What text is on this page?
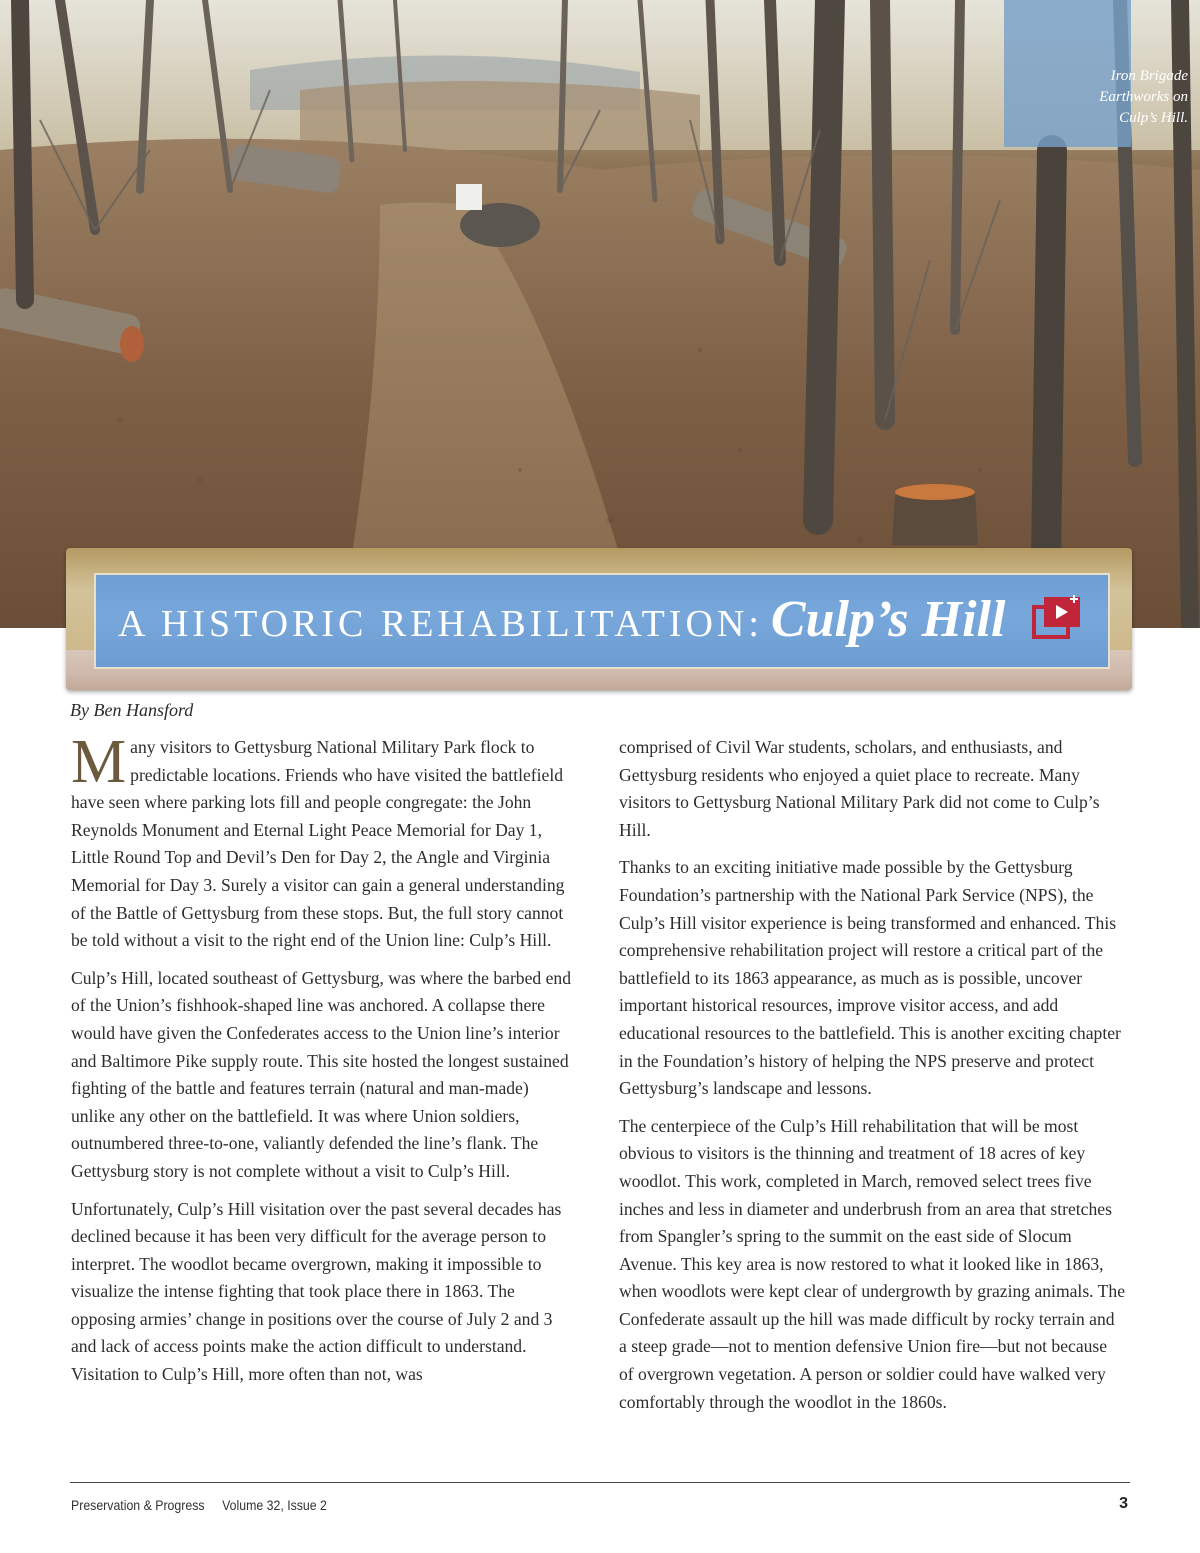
Iron Brigade
Earthworks on
Culp’s Hill.
A HISTORIC REHABILITATION: Culp’s Hill
By Ben Hansford

Many visitors to Gettysburg National Military Park flock to predictable locations. Friends who have visited the battlefield have seen where parking lots fill and people congregate: the John Reynolds Monument and Eternal Light Peace Memorial for Day 1, Little Round Top and Devil’s Den for Day 2, the Angle and Virginia Memorial for Day 3. Surely a visitor can gain a general understanding of the Battle of Gettysburg from these stops. But, the full story cannot be told without a visit to the right end of the Union line: Culp’s Hill.

Culp’s Hill, located southeast of Gettysburg, was where the barbed end of the Union’s fishhook-shaped line was anchored. A collapse there would have given the Confederates access to the Union line’s interior and Baltimore Pike supply route. This site hosted the longest sustained fighting of the battle and features terrain (natural and man-made) unlike any other on the battlefield. It was where Union soldiers, outnumbered three-to-one, valiantly defended the line’s flank. The Gettysburg story is not complete without a visit to Culp’s Hill.

Unfortunately, Culp’s Hill visitation over the past several decades has declined because it has been very difficult for the average person to interpret. The woodlot became overgrown, making it impossible to visualize the intense fighting that took place there in 1863. The opposing armies’ change in positions over the course of July 2 and 3 and lack of access points make the action difficult to understand. Visitation to Culp’s Hill, more often than not, was

comprised of Civil War students, scholars, and enthusiasts, and Gettysburg residents who enjoyed a quiet place to recreate. Many visitors to Gettysburg National Military Park did not come to Culp’s Hill.

Thanks to an exciting initiative made possible by the Gettysburg Foundation’s partnership with the National Park Service (NPS), the Culp’s Hill visitor experience is being transformed and enhanced. This comprehensive rehabilitation project will restore a critical part of the battlefield to its 1863 appearance, as much as is possible, uncover important historical resources, improve visitor access, and add educational resources to the battlefield. This is another exciting chapter in the Foundation’s history of helping the NPS preserve and protect Gettysburg’s landscape and lessons.

The centerpiece of the Culp’s Hill rehabilitation that will be most obvious to visitors is the thinning and treatment of 18 acres of key woodlot. This work, completed in March, removed select trees five inches and less in diameter and underbrush from an area that stretches from Spangler’s spring to the summit on the east side of Slocum Avenue. This key area is now restored to what it looked like in 1863, when woodlots were kept clear of undergrowth by grazing animals. The Confederate assault up the hill was made difficult by rocky terrain and a steep grade—not to mention defensive Union fire—but not because of overgrown vegetation. A person or soldier could have walked very comfortably through the woodlot in the 1860s.

Preservation & Progress Volume 32, Issue 2	3
